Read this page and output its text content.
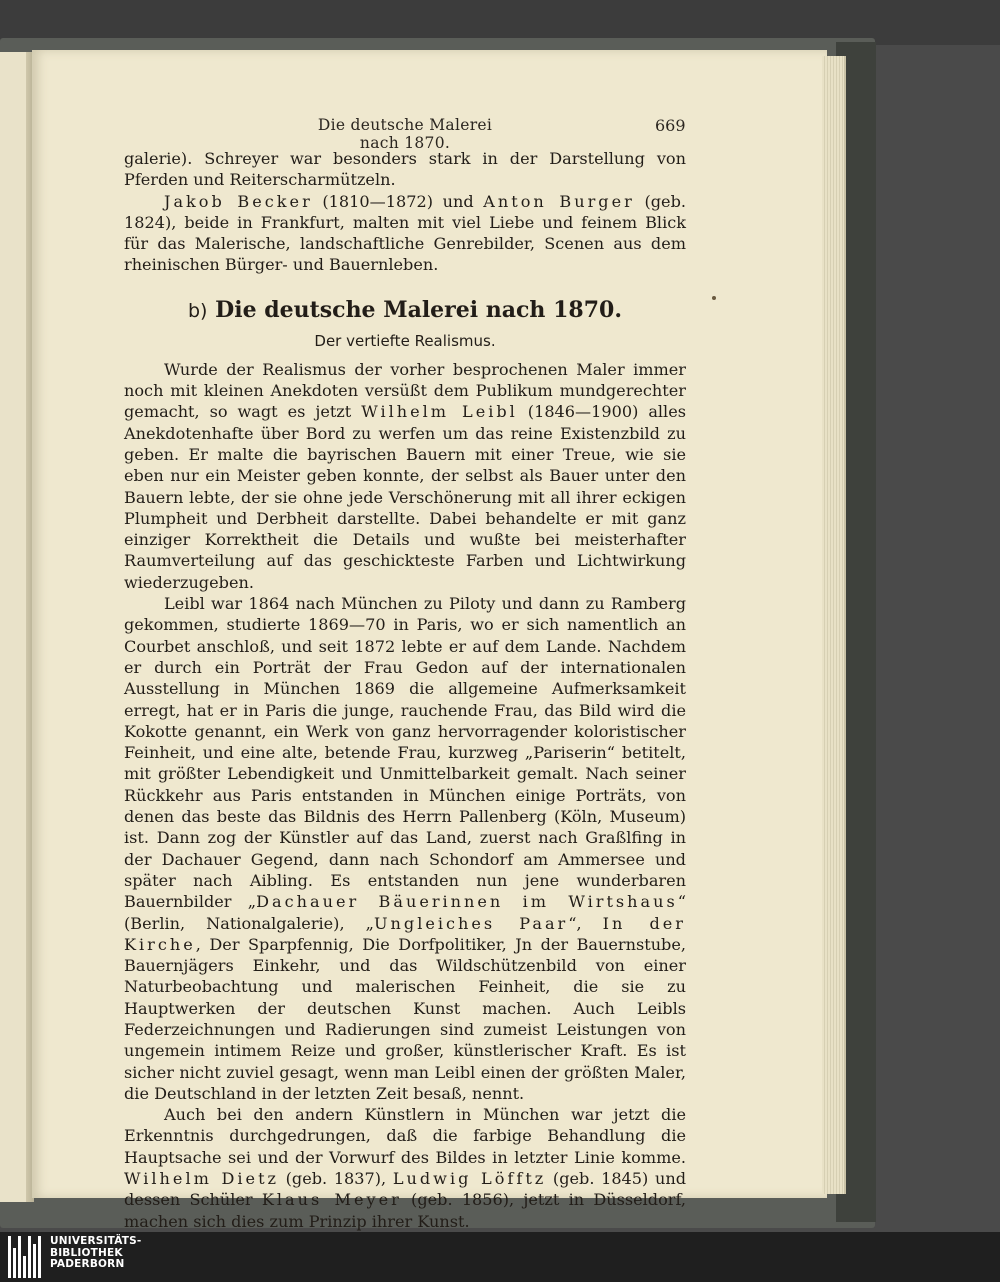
Die deutsche Malerei nach 1870.
669

galerie). Schreyer war besonders stark in der Darstellung von Pferden und Reiterscharmützeln.

Jakob Becker (1810—1872) und Anton Burger (geb. 1824), beide in Frankfurt, malten mit viel Liebe und feinem Blick für das Malerische, landschaftliche Genrebilder, Scenen aus dem rheinischen Bürger- und Bauernleben.

b) Die deutsche Malerei nach 1870.
Der vertiefte Realismus.

Wurde der Realismus der vorher besprochenen Maler immer noch mit kleinen Anekdoten versüßt dem Publikum mundgerechter gemacht, so wagt es jetzt Wilhelm Leibl (1846—1900) alles Anekdotenhafte über Bord zu werfen um das reine Existenzbild zu geben. Er malte die bayrischen Bauern mit einer Treue, wie sie eben nur ein Meister geben konnte, der selbst als Bauer unter den Bauern lebte, der sie ohne jede Verschönerung mit all ihrer eckigen Plumpheit und Derbheit darstellte. Dabei behandelte er mit ganz einziger Korrektheit die Details und wußte bei meisterhafter Raumverteilung auf das geschickteste Farben und Lichtwirkung wiederzugeben.

Leibl war 1864 nach München zu Piloty und dann zu Ramberg gekommen, studierte 1869—70 in Paris, wo er sich namentlich an Courbet anschloß, und seit 1872 lebte er auf dem Lande. Nachdem er durch ein Porträt der Frau Gedon auf der internationalen Ausstellung in München 1869 die allgemeine Aufmerksamkeit erregt, hat er in Paris die junge, rauchende Frau, das Bild wird die Kokotte genannt, ein Werk von ganz hervorragender koloristischer Feinheit, und eine alte, betende Frau, kurzweg „Pariserin“ betitelt, mit größter Lebendigkeit und Unmittelbarkeit gemalt. Nach seiner Rückkehr aus Paris entstanden in München einige Porträts, von denen das beste das Bildnis des Herrn Pallenberg (Köln, Museum) ist. Dann zog der Künstler auf das Land, zuerst nach Graßlfing in der Dachauer Gegend, dann nach Schondorf am Ammersee und später nach Aibling. Es entstanden nun jene wunderbaren Bauernbilder „Dachauer Bäuerinnen im Wirtshaus“ (Berlin, Nationalgalerie), „Ungleiches Paar“, In der Kirche, Der Sparpfennig, Die Dorfpolitiker, Jn der Bauernstube, Bauernjägers Einkehr, und das Wildschützenbild von einer Naturbeobachtung und malerischen Feinheit, die sie zu Hauptwerken der deutschen Kunst machen. Auch Leibls Federzeichnungen und Radierungen sind zumeist Leistungen von ungemein intimem Reize und großer, künstlerischer Kraft. Es ist sicher nicht zuviel gesagt, wenn man Leibl einen der größten Maler, die Deutschland in der letzten Zeit besaß, nennt.

Auch bei den andern Künstlern in München war jetzt die Erkenntnis durchgedrungen, daß die farbige Behandlung die Hauptsache sei und der Vorwurf des Bildes in letzter Linie komme. Wilhelm Dietz (geb. 1837), Ludwig Löfftz (geb. 1845) und dessen Schüler Klaus Meyer (geb. 1856), jetzt in Düsseldorf, machen sich dies zum Prinzip ihrer Kunst.

UNIVERSITÄTS-
BIBLIOTHEK
PADERBORN
